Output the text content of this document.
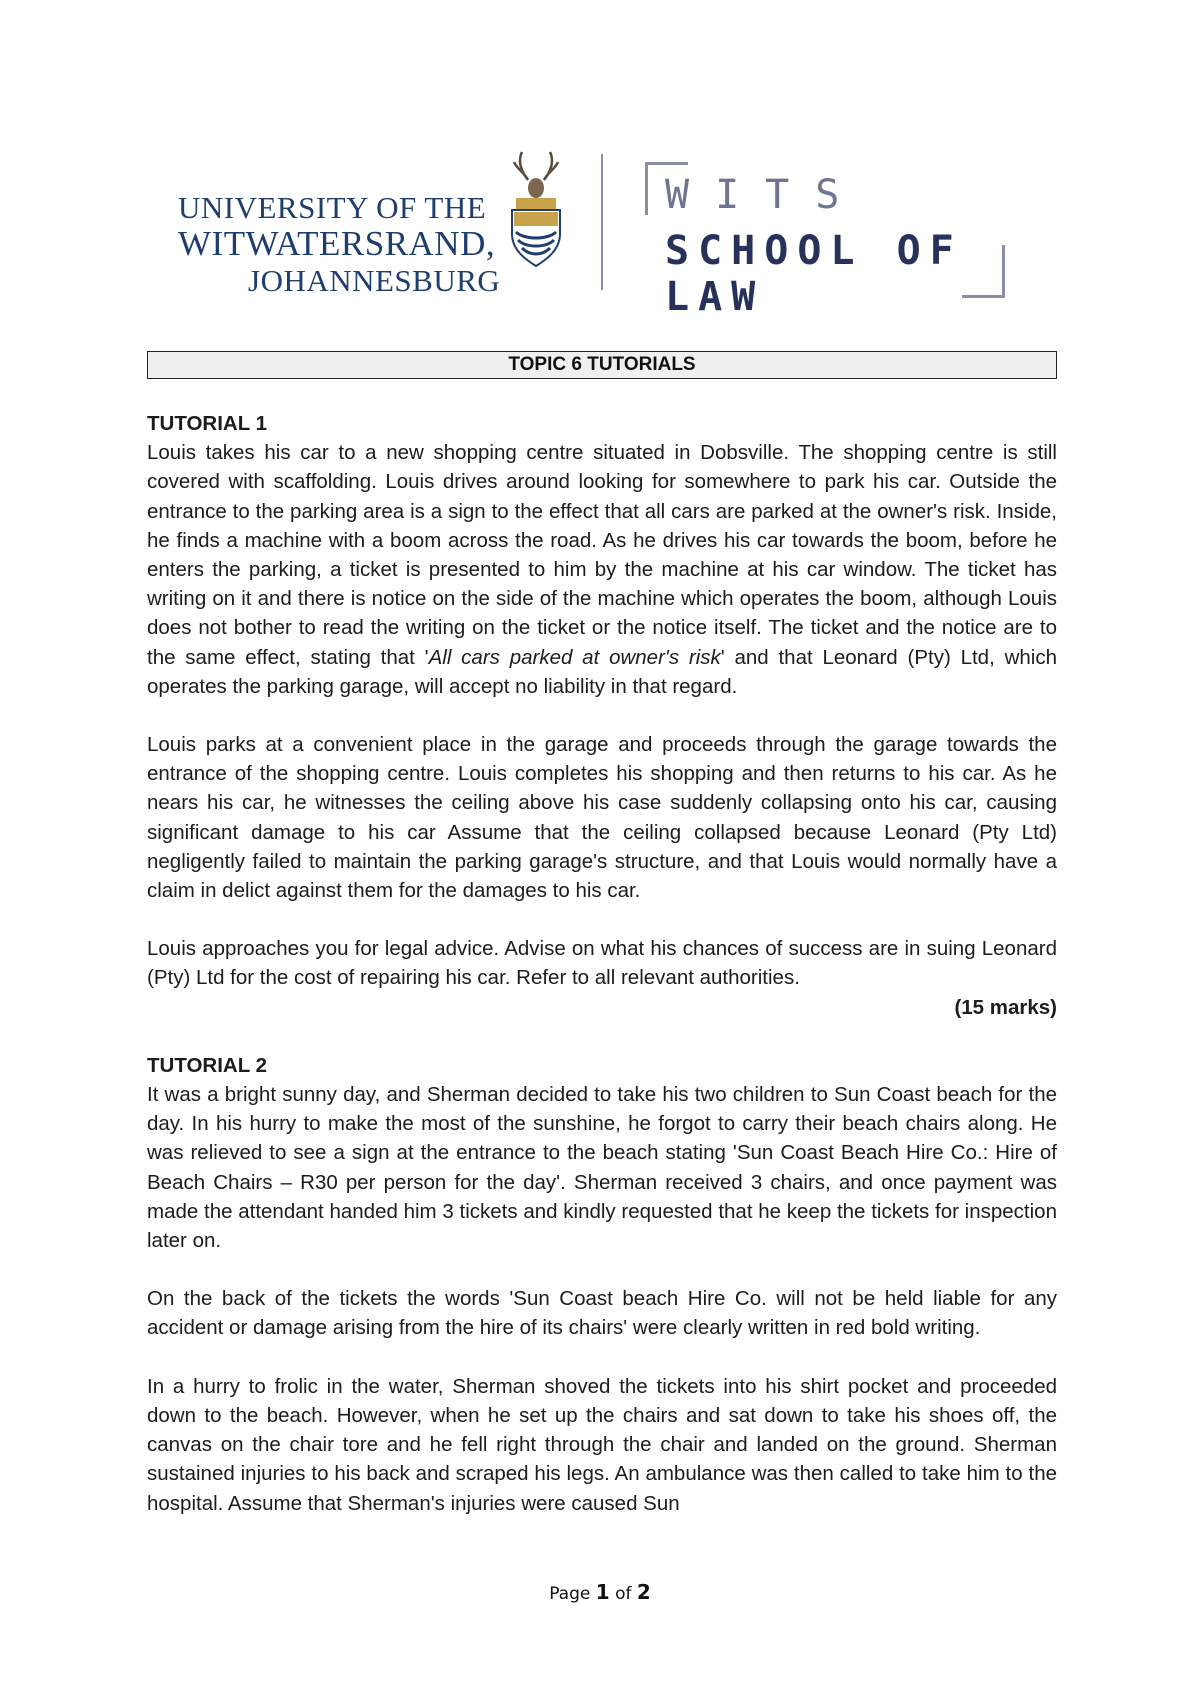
UNIVERSITY OF THE
WITWATERSRAND,
JOHANNESBURG
WITS
SCHOOL OF LAW
TOPIC 6 TUTORIALS

TUTORIAL 1

Louis takes his car to a new shopping centre situated in Dobsville. The shopping centre is still covered with scaffolding. Louis drives around looking for somewhere to park his car. Outside the entrance to the parking area is a sign to the effect that all cars are parked at the owner's risk. Inside, he finds a machine with a boom across the road. As he drives his car towards the boom, before he enters the parking, a ticket is presented to him by the machine at his car window. The ticket has writing on it and there is notice on the side of the machine which operates the boom, although Louis does not bother to read the writing on the ticket or the notice itself. The ticket and the notice are to the same effect, stating that 'All cars parked at owner's risk' and that Leonard (Pty) Ltd, which operates the parking garage, will accept no liability in that regard.

Louis parks at a convenient place in the garage and proceeds through the garage towards the entrance of the shopping centre. Louis completes his shopping and then returns to his car. As he nears his car, he witnesses the ceiling above his case suddenly collapsing onto his car, causing significant damage to his car Assume that the ceiling collapsed because Leonard (Pty Ltd) negligently failed to maintain the parking garage's structure, and that Louis would normally have a claim in delict against them for the damages to his car.

Louis approaches you for legal advice. Advise on what his chances of success are in suing Leonard (Pty) Ltd for the cost of repairing his car. Refer to all relevant authorities.

(15 marks)

TUTORIAL 2

It was a bright sunny day, and Sherman decided to take his two children to Sun Coast beach for the day. In his hurry to make the most of the sunshine, he forgot to carry their beach chairs along. He was relieved to see a sign at the entrance to the beach stating 'Sun Coast Beach Hire Co.: Hire of Beach Chairs – R30 per person for the day'. Sherman received 3 chairs, and once payment was made the attendant handed him 3 tickets and kindly requested that he keep the tickets for inspection later on.

On the back of the tickets the words 'Sun Coast beach Hire Co. will not be held liable for any accident or damage arising from the hire of its chairs' were clearly written in red bold writing.

In a hurry to frolic in the water, Sherman shoved the tickets into his shirt pocket and proceeded down to the beach. However, when he set up the chairs and sat down to take his shoes off, the canvas on the chair tore and he fell right through the chair and landed on the ground. Sherman sustained injuries to his back and scraped his legs. An ambulance was then called to take him to the hospital. Assume that Sherman's injuries were caused Sun

Page 1 of 2
